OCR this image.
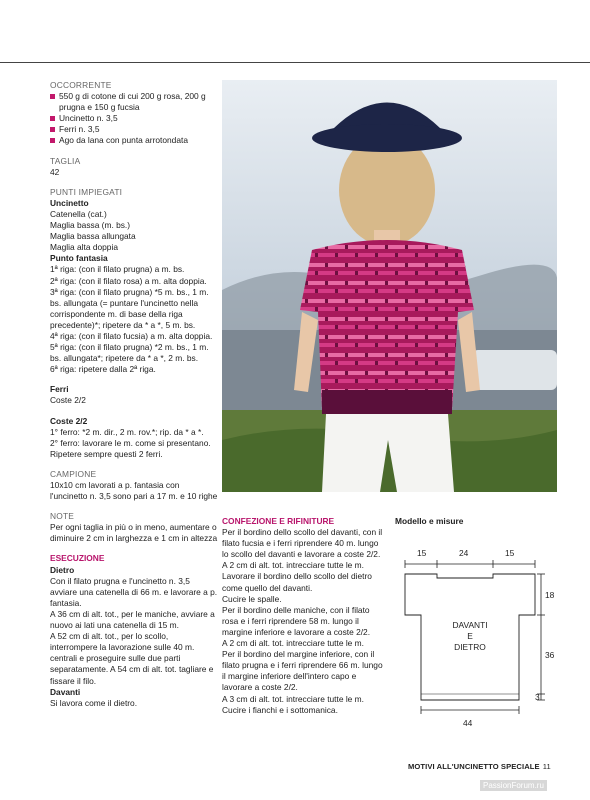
OCCORRENTE

550 g di cotone di cui 200 g rosa, 200 g prugna e 150 g fucsia
Uncinetto n. 3,5
Ferri n. 3,5
Ago da lana con punta arrotondata

TAGLIA

42

PUNTI IMPIEGATI

Uncinetto

Catenella (cat.)

Maglia bassa (m. bs.)

Maglia bassa allungata

Maglia alta doppia

Punto fantasia

1ª riga: (con il filato prugna) a m. bs.

2ª riga: (con il filato rosa) a m. alta doppia.

3ª riga: (con il filato prugna) *5 m. bs., 1 m. bs. allungata (= puntare l'uncinetto nella corrispondente m. di base della riga precedente)*; ripetere da * a *, 5 m. bs.

4ª riga: (con il filato fucsia) a m. alta doppia.

5ª riga: (con il filato prugna) *2 m. bs., 1 m. bs. allungata*; ripetere da * a *, 2 m. bs.

6ª riga: ripetere dalla 2ª riga.

Ferri

Coste 2/2

Coste 2/2

1° ferro: *2 m. dir., 2 m. rov.*; rip. da * a *.

2° ferro: lavorare le m. come si presentano.

Ripetere sempre questi 2 ferri.

CAMPIONE

10x10 cm lavorati a p. fantasia con l'uncinetto n. 3,5 sono pari a 17 m. e 10 righe

NOTE

Per ogni taglia in più o in meno, aumentare o diminuire 2 cm in larghezza e 1 cm in altezza

ESECUZIONE

Dietro

Con il filato prugna e l'uncinetto n. 3,5 avviare una catenella di 66 m. e lavorare a p. fantasia.

A 36 cm di alt. tot., per le maniche, avviare a nuovo ai lati una catenella di 15 m.

A 52 cm di alt. tot., per lo scollo, interrompere la lavorazione sulle 40 m. centrali e proseguire sulle due parti separatamente. A 54 cm di alt. tot. tagliare e fissare il filo.

Davanti

Si lavora come il dietro.

CONFEZIONE E RIFINITURE

Per il bordino dello scollo del davanti, con il filato fucsia e i ferri riprendere 40 m. lungo lo scollo del davanti e lavorare a coste 2/2.

A 2 cm di alt. tot. intrecciare tutte le m. Lavorare il bordino dello scollo del dietro come quello del davanti.

Cucire le spalle.

Per il bordino delle maniche, con il filato rosa e i ferri riprendere 58 m. lungo il margine inferiore e lavorare a coste 2/2.

A 2 cm di alt. tot. intrecciare tutte le m.

Per il bordino del margine inferiore, con il filato prugna e i ferri riprendere 66 m. lungo il margine inferiore dell'intero capo e lavorare a coste 2/2.

A 3 cm di alt. tot. intrecciare tutte le m.

Cucire i fianchi e i sottomanica.

Modello e misure

15	24	15
DAVANTI
E
DIETRO
18
36
3
44
MOTIVI ALL'UNCINETTO SPECIALE 11
PassionForum.ru
